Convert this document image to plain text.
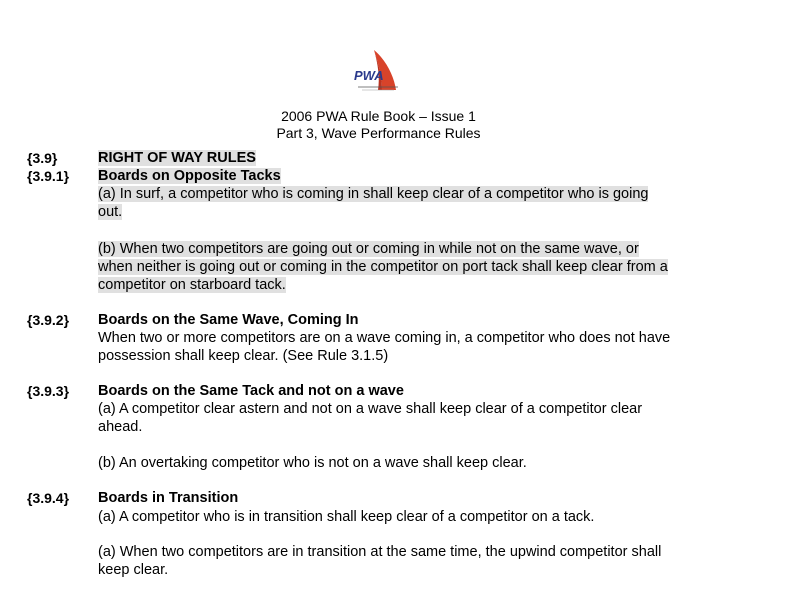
PWA
2006 PWA Rule Book – Issue 1
Part 3, Wave Performance Rules
{3.9}	RIGHT OF WAY RULES
{3.9.1} Boards on Opposite Tacks
(a) In surf, a competitor who is coming in shall keep clear of a competitor who is going
out.
(b) When two competitors are going out or coming in while not on the same wave, or
when neither is going out or coming in the competitor on port tack shall keep clear from a
competitor on starboard tack.
{3.9.2} Boards on the Same Wave, Coming In
When two or more competitors are on a wave coming in, a competitor who does not have
possession shall keep clear. (See Rule 3.1.5)
{3.9.3} Boards on the Same Tack and not on a wave
(a) A competitor clear astern and not on a wave shall keep clear of a competitor clear
ahead.
(b) An overtaking competitor who is not on a wave shall keep clear.
{3.9.4} Boards in Transition
(a) A competitor who is in transition shall keep clear of a competitor on a tack.
(a) When two competitors are in transition at the same time, the upwind competitor shall
keep clear.
